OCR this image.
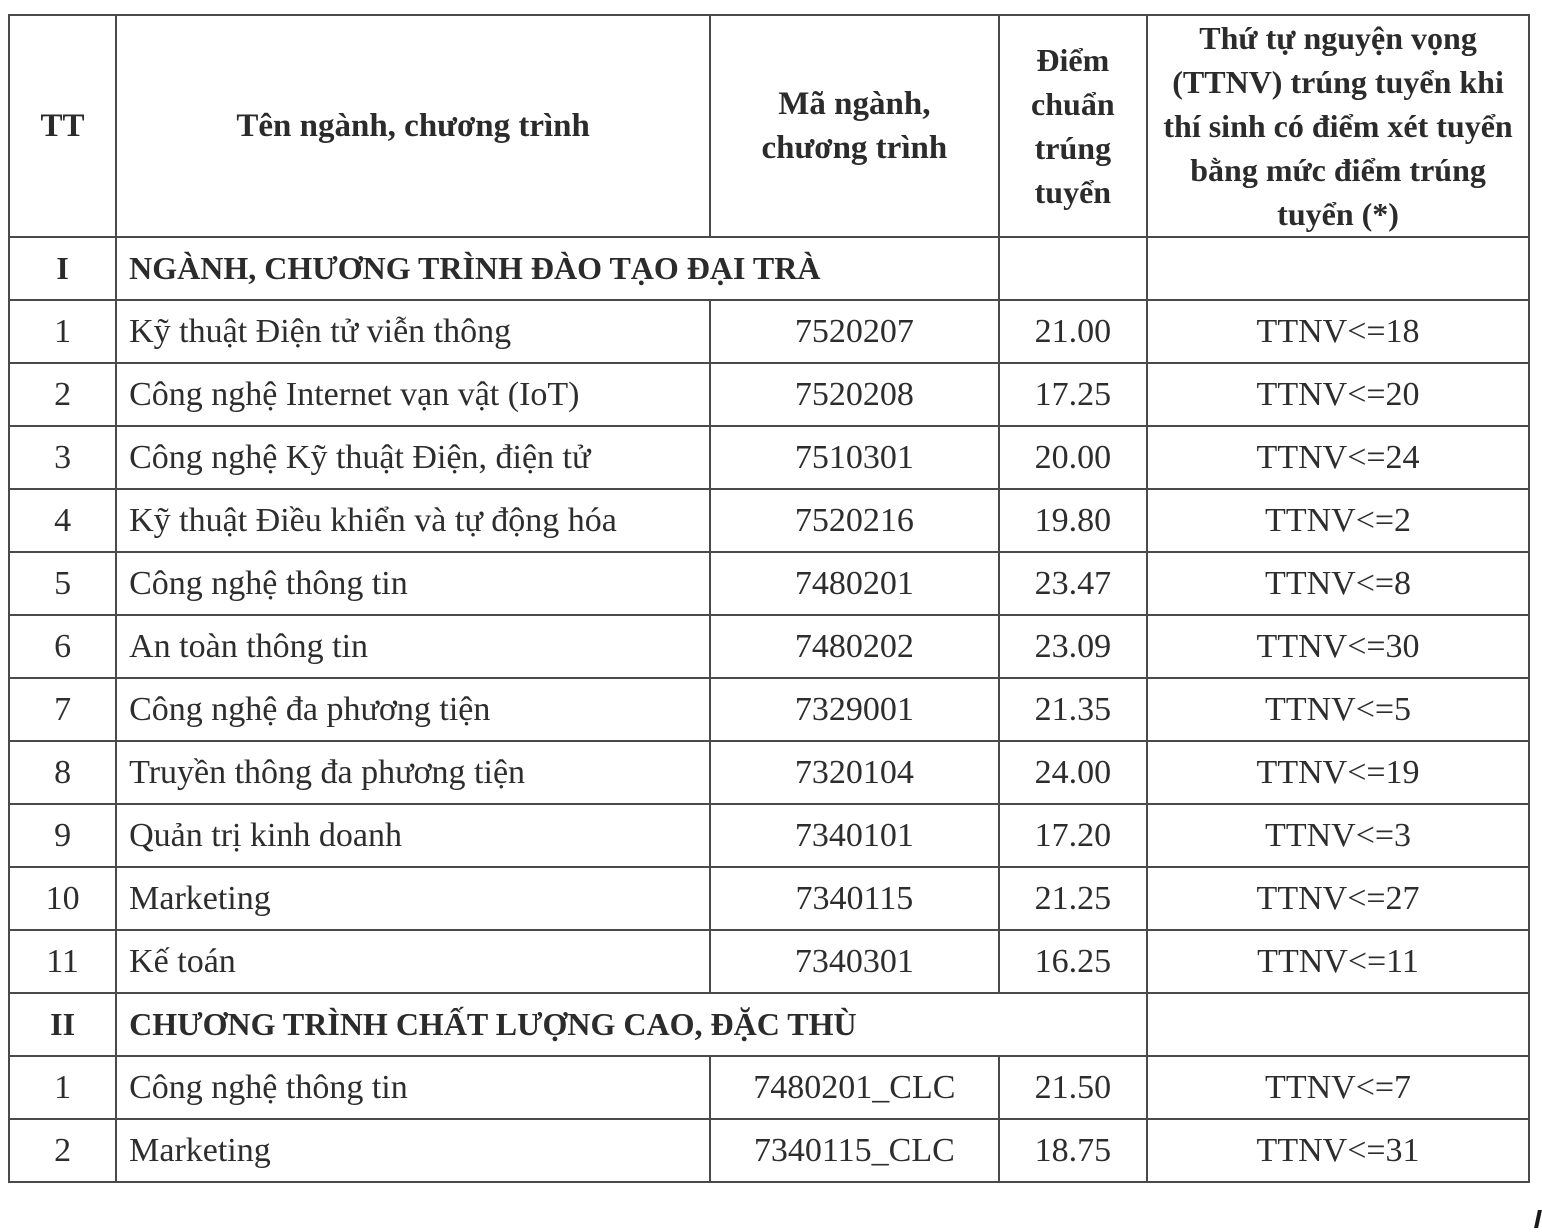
TT	Tên ngành, chương trình	Mã ngành, chương trình	Điểm chuẩn trúng tuyển	Thứ tự nguyện vọng (TTNV) trúng tuyển khi thí sinh có điểm xét tuyển bằng mức điểm trúng tuyển (*)
I	NGÀNH, CHƯƠNG TRÌNH ĐÀO TẠO ĐẠI TRÀ			
1	Kỹ thuật Điện tử viễn thông	7520207	21.00	TTNV<=18
2	Công nghệ Internet vạn vật (IoT)	7520208	17.25	TTNV<=20
3	Công nghệ Kỹ thuật Điện, điện tử	7510301	20.00	TTNV<=24
4	Kỹ thuật Điều khiển và tự động hóa	7520216	19.80	TTNV<=2
5	Công nghệ thông tin	7480201	23.47	TTNV<=8
6	An toàn thông tin	7480202	23.09	TTNV<=30
7	Công nghệ đa phương tiện	7329001	21.35	TTNV<=5
8	Truyền thông đa phương tiện	7320104	24.00	TTNV<=19
9	Quản trị kinh doanh	7340101	17.20	TTNV<=3
10	Marketing	7340115	21.25	TTNV<=27
11	Kế toán	7340301	16.25	TTNV<=11
II	CHƯƠNG TRÌNH CHẤT LƯỢNG CAO, ĐẶC THÙ			
1	Công nghệ thông tin	7480201_CLC	21.50	TTNV<=7
2	Marketing	7340115_CLC	18.75	TTNV<=31
